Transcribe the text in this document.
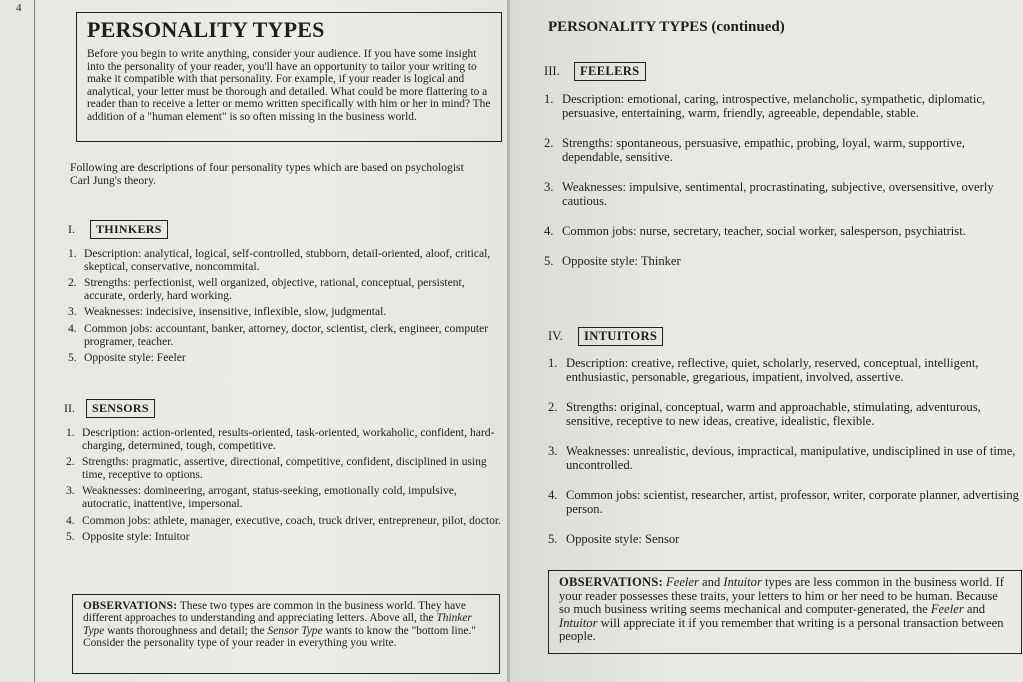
4
PERSONALITY TYPES
Before you begin to write anything, consider your audience. If you have some insight into the personality of your reader, you'll have an opportunity to tailor your writing to make it compatible with that personality. For example, if your reader is logical and analytical, your letter must be thorough and detailed. What could be more flattering to a reader than to receive a letter or memo written specifically with him or her in mind? The addition of a "human element" is so often missing in the business world.
Following are descriptions of four personality types which are based on psychologist Carl Jung's theory.
I.	THINKERS
1. Description: analytical, logical, self-controlled, stubborn, detail-oriented, aloof, critical, skeptical, conservative, noncommital.
2. Strengths: perfectionist, well organized, objective, rational, conceptual, persistent, accurate, orderly, hard working.
3. Weaknesses: indecisive, insensitive, inflexible, slow, judgmental.
4. Common jobs: accountant, banker, attorney, doctor, scientist, clerk, engineer, computer programer, teacher.
5. Opposite style: Feeler
II.	SENSORS
1. Description: action-oriented, results-oriented, task-oriented, workaholic, confident, hard-charging, determined, tough, competitive.
2. Strengths: pragmatic, assertive, directional, competitive, confident, disciplined in using time, receptive to options.
3. Weaknesses: domineering, arrogant, status-seeking, emotionally cold, impulsive, autocratic, inattentive, impersonal.
4. Common jobs: athlete, manager, executive, coach, truck driver, entrepreneur, pilot, doctor.
5. Opposite style: Intuitor
OBSERVATIONS: These two types are common in the business world. They have different approaches to understanding and appreciating letters. Above all, the Thinker Type wants thoroughness and detail; the Sensor Type wants to know the "bottom line." Consider the personality type of your reader in everything you write.
PERSONALITY TYPES (continued)
III.	FEELERS
1. Description: emotional, caring, introspective, melancholic, sympathetic, diplomatic, persuasive, entertaining, warm, friendly, agreeable, dependable, stable.
2. Strengths: spontaneous, persuasive, empathic, probing, loyal, warm, supportive, dependable, sensitive.
3. Weaknesses: impulsive, sentimental, procrastinating, subjective, oversensitive, overly cautious.
4. Common jobs: nurse, secretary, teacher, social worker, salesperson, psychiatrist.
5. Opposite style: Thinker
IV.	INTUITORS
1. Description: creative, reflective, quiet, scholarly, reserved, conceptual, intelligent, enthusiastic, personable, gregarious, impatient, involved, assertive.
2. Strengths: original, conceptual, warm and approachable, stimulating, adventurous, sensitive, receptive to new ideas, creative, idealistic, flexible.
3. Weaknesses: unrealistic, devious, impractical, manipulative, undisciplined in use of time, uncontrolled.
4. Common jobs: scientist, researcher, artist, professor, writer, corporate planner, advertising person.
5. Opposite style: Sensor
OBSERVATIONS: Feeler and Intuitor types are less common in the business world. If your reader possesses these traits, your letters to him or her need to be human. Because so much business writing seems mechanical and computer-generated, the Feeler and Intuitor will appreciate it if you remember that writing is a personal transaction between people.
